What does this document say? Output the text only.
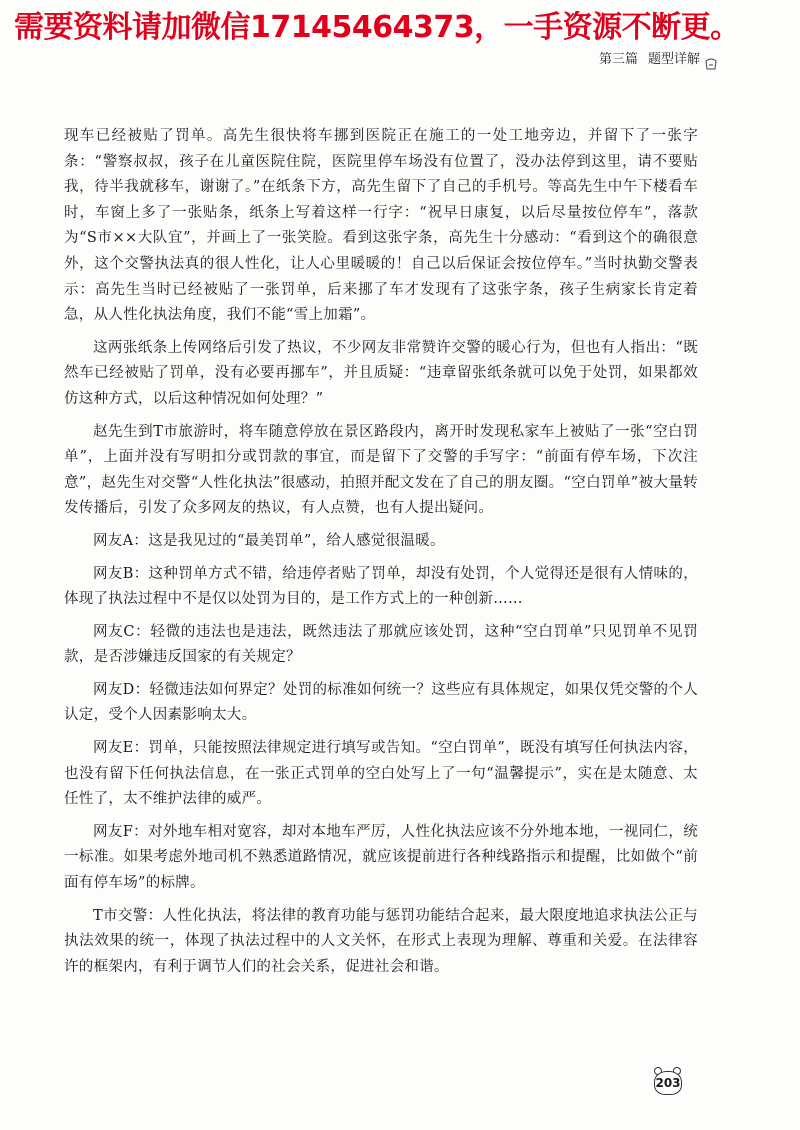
需要资料请加微信17145464373，一手资源不断更。
第三篇 题型详解

现车已经被贴了罚单。高先生很快将车挪到医院正在施工的一处工地旁边，并留下了一张字条：“警察叔叔，孩子在儿童医院住院，医院里停车场没有位置了，没办法停到这里，请不要贴我，待半我就移车，谢谢了。”在纸条下方，高先生留下了自己的手机号。等高先生中午下楼看车时，车窗上多了一张贴条，纸条上写着这样一行字：“祝早日康复，以后尽量按位停车”，落款为“S市××大队宜”，并画上了一张笑脸。看到这张字条，高先生十分感动：“看到这个的确很意外，这个交警执法真的很人性化，让人心里暖暖的！自己以后保证会按位停车。”当时执勤交警表示：高先生当时已经被贴了一张罚单，后来挪了车才发现有了这张字条，孩子生病家长肯定着急，从人性化执法角度，我们不能“雪上加霜”。

这两张纸条上传网络后引发了热议，不少网友非常赞许交警的暖心行为，但也有人指出：“既然车已经被贴了罚单，没有必要再挪车”，并且质疑：“违章留张纸条就可以免于处罚，如果都效仿这种方式，以后这种情况如何处理？”

赵先生到T市旅游时，将车随意停放在景区路段内，离开时发现私家车上被贴了一张“空白罚单”，上面并没有写明扣分或罚款的事宜，而是留下了交警的手写字：“前面有停车场，下次注意”，赵先生对交警“人性化执法”很感动，拍照并配文发在了自己的朋友圈。“空白罚单”被大量转发传播后，引发了众多网友的热议，有人点赞，也有人提出疑问。

网友A：这是我见过的“最美罚单”，给人感觉很温暖。

网友B：这种罚单方式不错，给违停者贴了罚单，却没有处罚，个人觉得还是很有人情味的，体现了执法过程中不是仅以处罚为目的，是工作方式上的一种创新……

网友C：轻微的违法也是违法，既然违法了那就应该处罚，这种“空白罚单”只见罚单不见罚款，是否涉嫌违反国家的有关规定？

网友D：轻微违法如何界定？处罚的标准如何统一？这些应有具体规定，如果仅凭交警的个人认定，受个人因素影响太大。

网友E：罚单，只能按照法律规定进行填写或告知。“空白罚单”，既没有填写任何执法内容，也没有留下任何执法信息，在一张正式罚单的空白处写上了一句“温馨提示”，实在是太随意、太任性了，太不维护法律的威严。

网友F：对外地车相对宽容，却对本地车严厉，人性化执法应该不分外地本地，一视同仁，统一标准。如果考虑外地司机不熟悉道路情况，就应该提前进行各种线路指示和提醒，比如做个“前面有停车场”的标牌。

T市交警：人性化执法，将法律的教育功能与惩罚功能结合起来，最大限度地追求执法公正与执法效果的统一，体现了执法过程中的人文关怀，在形式上表现为理解、尊重和关爱。在法律容许的框架内，有利于调节人们的社会关系，促进社会和谐。

203
